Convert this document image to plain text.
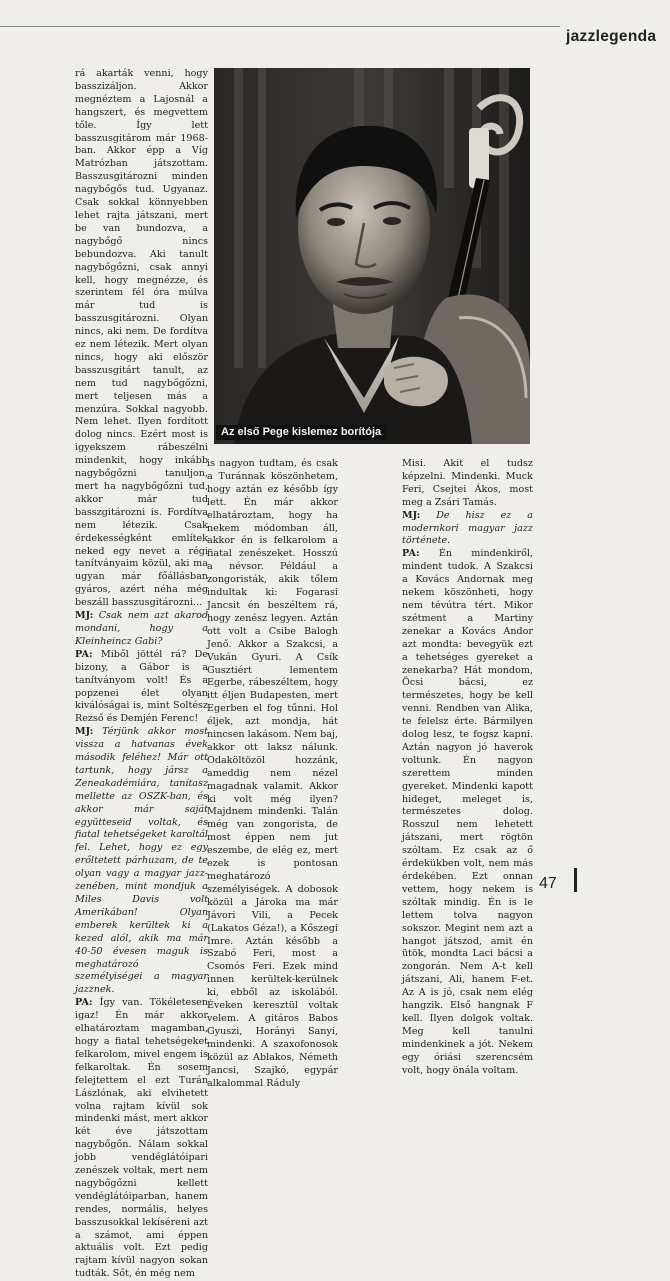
jazzlegenda

rá akarták venni, hogy basszizáljon. Akkor megnéztem a Lajosnál a hangszert, és megvettem tőle. Így lett basszusgitárom már 1968-ban. Akkor épp a Víg Matrózban játszottam. Basszusgitározni minden nagybőgős tud. Ugyanaz. Csak sokkal könnyebben lehet rajta játszani, mert be van bundozva, a nagybőgő nincs bebundozva. Aki tanult nagybőgőzni, csak annyi kell, hogy megnézze, és szerintem fél óra múlva már tud is basszusgitározni. Olyan nincs, aki nem. De fordítva ez nem létezik. Mert olyan nincs, hogy aki először basszusgitárt tanult, az nem tud nagybőgőzni, mert teljesen más a menzúra. Sokkal nagyobb. Nem lehet. Ilyen fordított dolog nincs. Ezért most is igyekszem rábeszélni mindenkit, hogy inkább nagybőgőzni tanuljon, mert ha nagybőgőzni tud, akkor már tud basszgitározni is. Fordítva nem létezik. Csak érdekességként említek neked egy nevet a régi tanítványaim közül, aki ma ugyan már főállásban gyáros, azért néha még beszáll basszusgitározni...

MJ: Csak nem azt akarod mondani, hogy a Kleinheincz Gabi?

PA: Miből jöttél rá? De bizony, a Gábor is a tanítványom volt! És a popzenei élet olyan kiválóságai is, mint Soltész Rezső és Demjén Ferenc!

MJ: Térjünk akkor most vissza a hatvanas évek második feléhez! Már ott tartunk, hogy jársz a Zeneakadémiára, tanítasz mellette az OSZK-ban, és akkor már saját együtteseid voltak, és fiatal tehetségeket karoltál fel. Lehet, hogy ez egy erőltetett párhuzam, de te olyan vagy a magyar jazz-zenében, mint mondjuk a Miles Davis volt Amerikában! Olyan emberek kerültek ki a kezed alól, akik ma már 40-50 évesen maguk is meghatározó személyiségei a magyar jazznek.

PA: Így van. Tökéletesen igaz! Én már akkor elhatároztam magamban, hogy a fiatal tehetségeket felkarolom, mivel engem is felkaroltak. Én sosem felejtettem el ezt Turán Lászlónak, aki elvihetett volna rajtam kívül sok mindenki mást, mert akkor két éve játszottam nagybőgőn. Nálam sokkal jobb vendéglátóipari zenészek voltak, mert nem nagybőgőzni kellett vendéglátóiparban, hanem rendes, normális, helyes basszusokkal lekíséreni azt a számot, ami éppen aktuális volt. Ezt pedig rajtam kívül nagyon sokan tudták. Sőt, én még nem

Az első Pege kislemez borítója

is nagyon tudtam, és csak a Turánnak köszönhetem, hogy aztán ez később így lett. Én már akkor elhatároztam, hogy ha nekem módomban áll, akkor én is felkarolom a fiatal zenészeket. Hosszú a névsor. Például a zongoristák, akik tőlem indultak ki: Fogarasi Jancsit én beszéltem rá, hogy zenész legyen. Aztán ott volt a Csibe Balogh Jenő. Akkor a Szakcsi, a Vukán Gyuri. A Csík Gusztiért lementem Egerbe, rábeszéltem, hogy itt éljen Budapesten, mert Egerben el fog tűnni. Hol éljek, azt mondja, hát nincsen lakásom. Nem baj, akkor ott laksz nálunk. Odaköltözöl hozzánk, ameddig nem nézel magadnak valamit. Akkor ki volt még ilyen? Majdnem mindenki. Talán még van zongorista, de most éppen nem jut eszembe, de elég ez, mert ezek is pontosan meghatározó személyiségek. A dobosok közül a Jároka ma már Jávori Vili, a Pecek (Lakatos Géza!), a Kőszegi Imre. Aztán később a Szabó Feri, most a Csomós Feri. Ezek mind innen kerültek-kerülnek ki, ebből az iskolából. Éveken keresztül voltak velem. A gitáros Babos Gyuszi, Horányi Sanyi, mindenki. A szaxofonosok közül az Ablakos, Németh Jancsi, Szajkó, egypár alkalommal Ráduly

Misi. Akit el tudsz képzelni. Mindenki. Muck Feri, Csejtei Ákos, most meg a Zsári Tamás.

MJ: De hisz ez a modernkori magyar jazz története.

PA: Én mindenkiről, mindent tudok. A Szakcsi a Kovács Andornak meg nekem köszönheti, hogy nem tévútra tért. Mikor szétment a Martiny zenekar a Kovács Andor azt mondta: bevegyük ezt a tehetséges gyereket a zenekarba? Hát mondom, Öcsi bácsi, ez természetes, hogy be kell venni. Rendben van Alika, te felelsz érte. Bármilyen dolog lesz, te fogsz kapni. Aztán nagyon jó haverok voltunk. Én nagyon szerettem minden gyereket. Mindenki kapott hideget, meleget is, természetes dolog. Rosszul nem lehetett játszani, mert rögtön szóltam. Ez csak az ő érdekükben volt, nem más érdekében. Ezt onnan vettem, hogy nekem is szóltak mindig. Én is le lettem tolva nagyon sokszor. Megint nem azt a hangot játszod, amit én ütök, mondta Laci bácsi a zongorán. Nem A-t kell játszani, Ali, hanem F-et. Az A is jó, csak nem elég hangzik. Első hangnak F kell. Ilyen dolgok voltak. Meg kell tanulni mindenkinek a jót. Nekem egy óriási szerencsém volt, hogy önála voltam.

47
